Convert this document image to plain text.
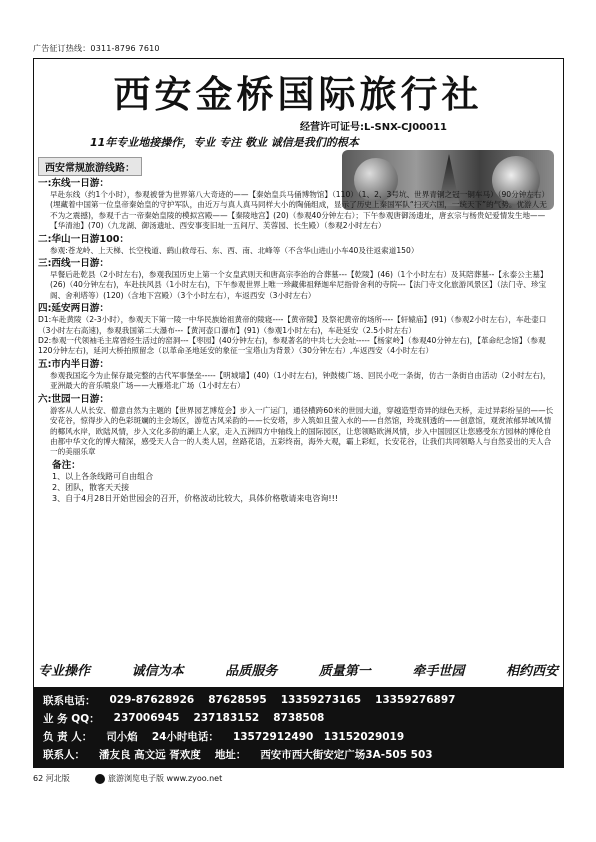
广告征订热线：0311-8796 7610
西安金桥国际旅行社
经营许可证号:L-SNX-CJ00011
11年专业地接操作，专业 专注 敬业 诚信是我们的根本
西安常规旅游线路：
一:东线一日游：

早赴东线（约1个小时），参观被誉为世界第八大奇迹的——【秦始皇兵马俑博物馆】（110）（1、2、3号坑、世界青铜之冠一铜车马）（90分钟左右）(埋藏着中国第一位皇帝秦始皇的守护军队，由近万与真人真马同样大小的陶俑组成，显示了历史上秦国军队“扫灭六国，一统天下”的气势。优游人无不为之震撼)，参观千古一帝秦始皇陵的模拟宫殿——【秦陵地宫】(20)（参观40分钟左右）；下午参观唐御汤遗址，唐玄宗与杨贵妃爱情发生地——【华清池】(70)（九龙湖、御汤遗址、西安事变旧址一五间厅、芙蓉园、长生殿）（参观2小时左右）

二:华山一日游100：

参观:苍龙岭、上天梯、长空栈道、鹞山救母石、东、西、南、北峰等（不含华山进山小车40及往返索道150）

三:西线一日游：

早餐后赴乾县（2小时左右)，参观我国历史上第一个女皇武则天和唐高宗李治的合葬墓---【乾陵】(46)（1个小时左右）及其陪葬墓--【永泰公主墓】(26)（40分钟左右)，车赴扶风县（1小时左右)，下午参观世界上唯一珍藏佛祖释迦牟尼指骨舍利的寺院---【法门寺文化旅游风景区】（法门寺、珍宝阁、舍利塔等）(120)（含地下宫殿）（3个小时左右），车返西安（3小时左右）

四:延安两日游：

D1:车赴黄陵（2-3小时），参观天下第一陵一中华民族始祖黄帝的陵寝----【黄帝陵】及祭祀黄帝的场所----【轩辕庙】(91)（参观2小时左右），车赴壶口（3小时左右高速)，参观我国第二大瀑布---【黄河壶口瀑布】(91)（参观1小时左右)，车赴延安（2.5小时左右）

D2:参观一代领袖毛主席曾经生活过的窑洞---【枣园】(40分钟左右)，参观著名的中共七大会址-----【杨家岭】（参观40分钟左右)，【革命纪念馆】（参观120分钟左右)，延河大桥拍照留念（以革命圣地延安的象征一宝塔山为背景）（30分钟左右）,车返西安（4小时左右）

五:市内半日游：

参观我国迄今为止保存最完整的古代军事堡垒-----【明城墙】(40)（1小时左右)，钟鼓楼广场、回民小吃一条街，仿古一条街自由活动（2小时左右)，亚洲最大的音乐喷泉广场——大雁塔北广场（1小时左右）

六:世园一日游：

游客从人从长安、僧意自然为主题的【世界园艺博览会】步入一广运门，通径横跨60米的世园大道，穿越造型奇异的绿色天桥，走过异彩纷呈的——长安花谷，惊得步入的色彩斑斓的主会场区，游览古风采韵的——长安塔，步入筑如且萤入水的——自然馆，玲珑别透的——创意馆，观赏浓郁异域风情的椰风水岸，欧陆风情，步入文化多韵的灞上人家，走入五洲四方中轴线上的国际园区，让您领略欧洲风情，步入中国园区让您感受东方园林的博伦自由都中华文化的博大精深，感受天人合一的人类人居，丝路花语，五彩终南，海外大观，霸上彩虹，长安花谷，让我们共同领略人与自然妥出的天人合一的美丽乐章

备注：
1、以上各条线路可自由组合
2、团队，散客天天接
3、自于4月28日开始世园会的召开，价格波动比较大，具体价格敬请来电咨询!!!
专业操作	诚信为本	品质服务	质量第一	牵手世园	相约西安
联系电话： 029-87628926 87628595 13359273165 13359276897
业 务 QQ： 237006945 237183152 8738508
负 责 人： 司小焰 24小时电话： 13572912490　13152029019
联系人： 潘友良 高文远 胥欢度 地址： 西安市西大街安定广场3A-505 503
62 河北版	旅游浏览电子版 www.zyoo.net
